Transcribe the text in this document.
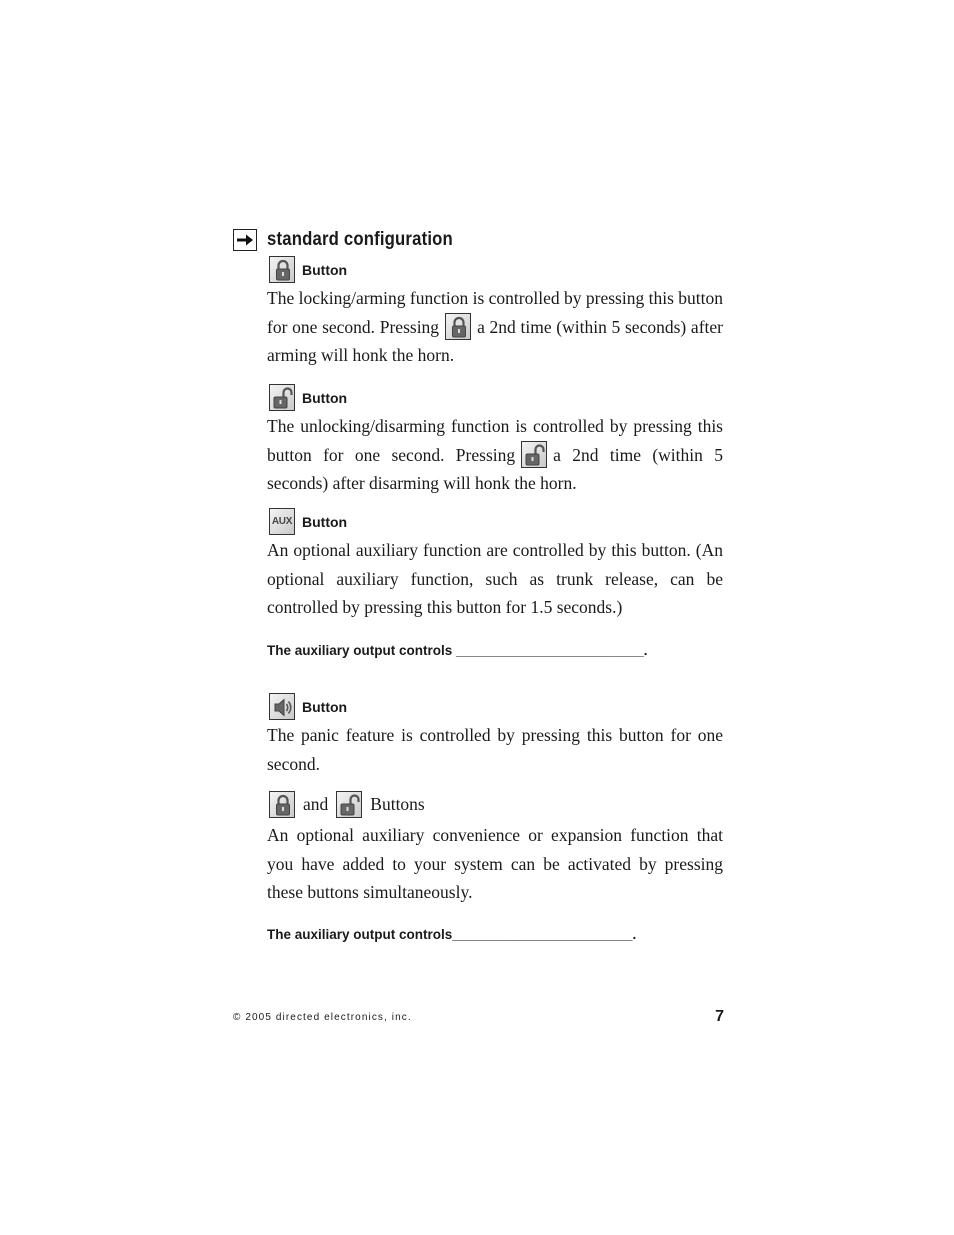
standard configuration
Button

The locking/arming function is controlled by pressing this button for one second. Pressing a 2nd time (within 5 seconds) after arming will honk the horn.

Button

The unlocking/disarming function is controlled by pressing this button for one second. Pressing a 2nd time (within 5 seconds) after disarming will honk the horn.

AUX Button

An optional auxiliary function are controlled by this button. (An optional auxiliary function, such as trunk release, can be controlled by pressing this button for 1.5 seconds.)

The auxiliary output controls _________________________.
Button

The panic feature is controlled by pressing this button for one second.

and Buttons

An optional auxiliary convenience or expansion function that you have added to your system can be activated by pressing these buttons simultaneously.

The auxiliary output controls________________________.
© 2005 directed electronics, inc.	7
